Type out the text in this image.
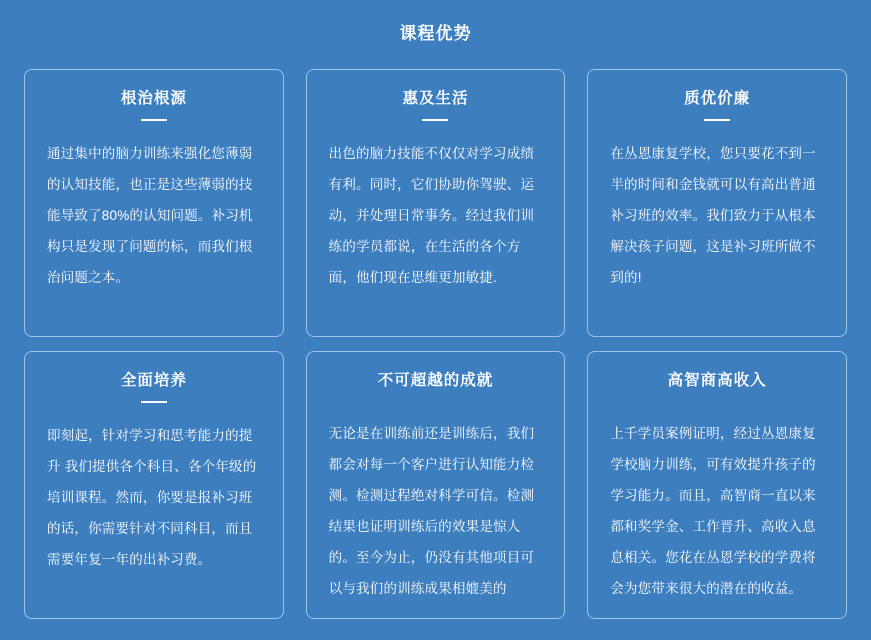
课程优势
根治根源
通过集中的脑力训练来强化您薄弱的认知技能，也正是这些薄弱的技能导致了80%的认知问题。补习机构只是发现了问题的标，而我们根治问题之本。
惠及生活
出色的脑力技能不仅仅对学习成绩有利。同时，它们协助你驾驶、运动，并处理日常事务。经过我们训练的学员都说，在生活的各个方面，他们现在思维更加敏捷.
质优价廉
在丛恩康复学校，您只要花不到一半的时间和金钱就可以有高出普通补习班的效率。我们致力于从根本解决孩子问题，这是补习班所做不到的!
全面培养
即刻起，针对学习和思考能力的提升 我们提供各个科目、各个年级的培训课程。然而，你要是报补习班的话，你需要针对不同科目，而且需要年复一年的出补习费。
不可超越的成就
无论是在训练前还是训练后，我们都会对每一个客户进行认知能力检测。检测过程绝对科学可信。检测结果也证明训练后的效果是惊人的。至今为止，仍没有其他项目可以与我们的训练成果相媲美的
高智商高收入
上千学员案例证明，经过丛恩康复学校脑力训练，可有效提升孩子的学习能力。而且，高智商一直以来都和奖学金、工作晋升、高收入息息相关。您花在丛恩学校的学费将会为您带来很大的潜在的收益。
